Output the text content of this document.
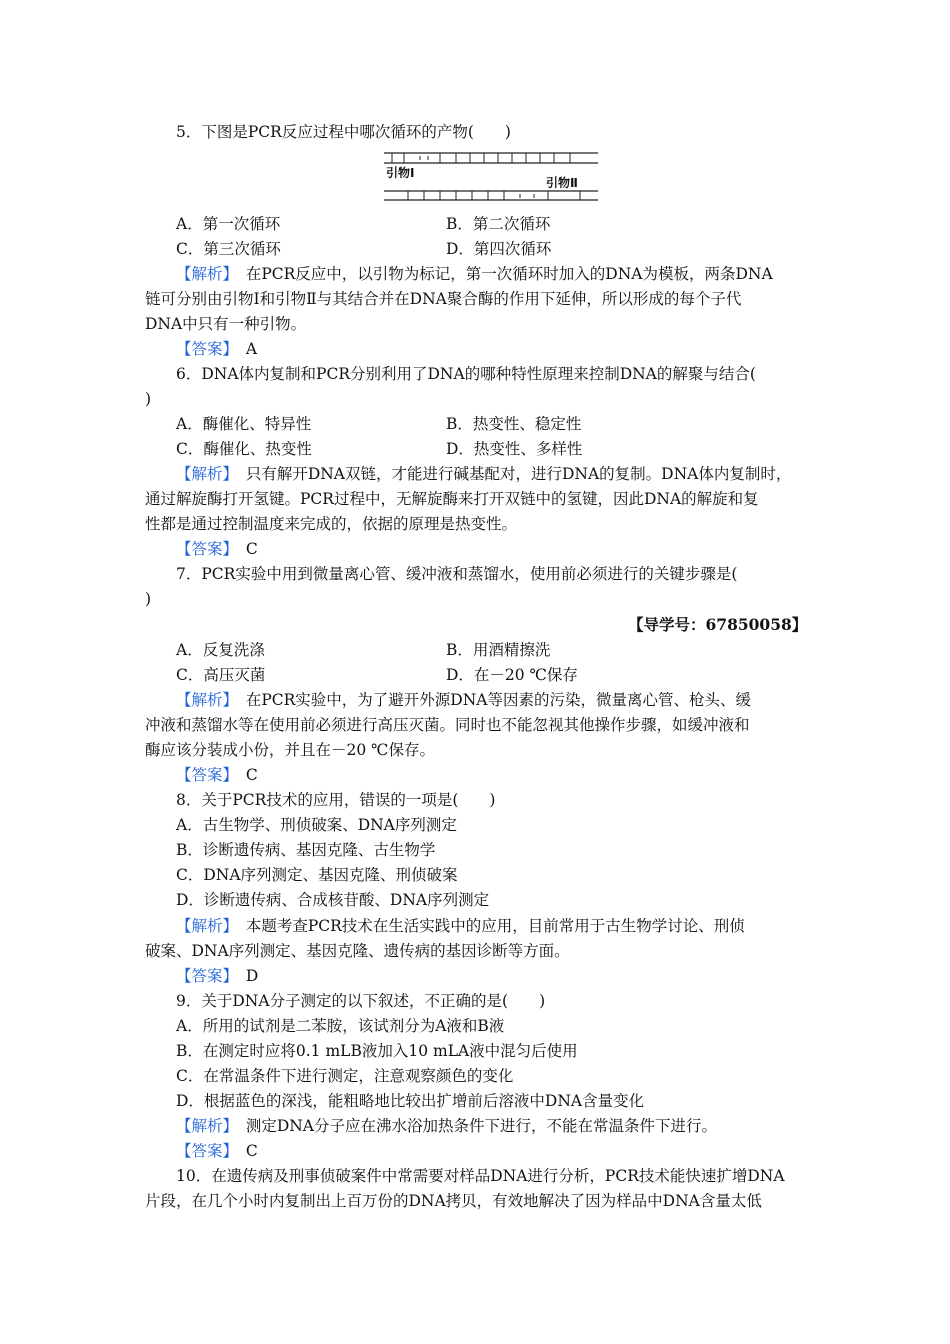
5．下图是PCR反应过程中哪次循环的产物(　　)
引物Ⅰ
引物Ⅱ
A．第一次循环	B．第二次循环
C．第三次循环	D．第四次循环
【解析】　 在PCR反应中，以引物为标记，第一次循环时加入的DNA为模板，两条DNA
链可分别由引物Ⅰ和引物Ⅱ与其结合并在DNA聚合酶的作用下延伸，所以形成的每个子代
DNA中只有一种引物。
【答案】　 A
6．DNA体内复制和PCR分别利用了DNA的哪种特性原理来控制DNA的解聚与结合(
)
A．酶催化、特异性	B．热变性、稳定性
C．酶催化、热变性	D．热变性、多样性
【解析】　 只有解开DNA双链，才能进行碱基配对，进行DNA的复制。DNA体内复制时，
通过解旋酶打开氢键。PCR过程中，无解旋酶来打开双链中的氢键，因此DNA的解旋和复
性都是通过控制温度来完成的，依据的原理是热变性。
【答案】　 C
7．PCR实验中用到微量离心管、缓冲液和蒸馏水，使用前必须进行的关键步骤是(
)
【导学号：67850058】
A．反复洗涤	B．用酒精擦洗
C．高压灭菌	D．在－20 ℃保存
【解析】　 在PCR实验中，为了避开外源DNA等因素的污染，微量离心管、枪头、缓
冲液和蒸馏水等在使用前必须进行高压灭菌。同时也不能忽视其他操作步骤，如缓冲液和
酶应该分装成小份，并且在－20 ℃保存。
【答案】　 C
8．关于PCR技术的应用，错误的一项是(　　)
A．古生物学、刑侦破案、DNA序列测定
B．诊断遗传病、基因克隆、古生物学
C．DNA序列测定、基因克隆、刑侦破案
D．诊断遗传病、合成核苷酸、DNA序列测定
【解析】　 本题考查PCR技术在生活实践中的应用，目前常用于古生物学讨论、刑侦
破案、DNA序列测定、基因克隆、遗传病的基因诊断等方面。
【答案】　 D
9．关于DNA分子测定的以下叙述，不正确的是(　　)
A．所用的试剂是二苯胺，该试剂分为A液和B液
B．在测定时应将0.1 mLB液加入10 mLA液中混匀后使用
C．在常温条件下进行测定，注意观察颜色的变化
D．根据蓝色的深浅，能粗略地比较出扩增前后溶液中DNA含量变化
【解析】　 测定DNA分子应在沸水浴加热条件下进行，不能在常温条件下进行。
【答案】　 C
10．在遗传病及刑事侦破案件中常需要对样品DNA进行分析，PCR技术能快速扩增DNA
片段，在几个小时内复制出上百万份的DNA拷贝，有效地解决了因为样品中DNA含量太低
